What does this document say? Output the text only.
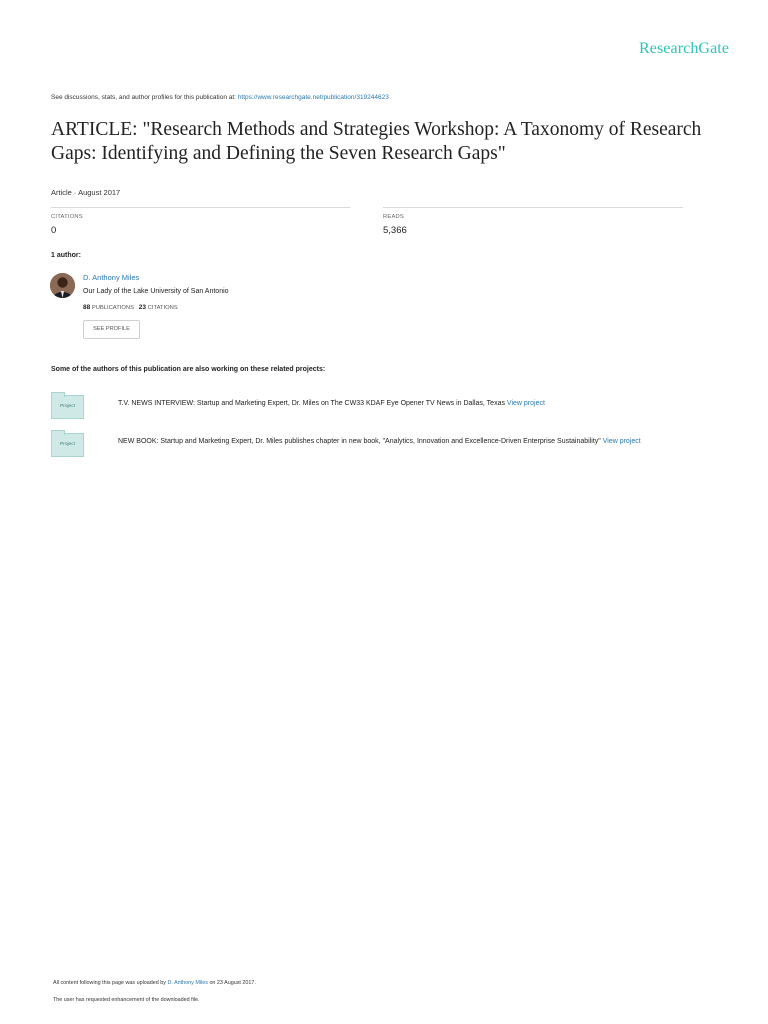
ResearchGate
See discussions, stats, and author profiles for this publication at: https://www.researchgate.net/publication/319244623
ARTICLE: "Research Methods and Strategies Workshop: A Taxonomy of Research Gaps: Identifying and Defining the Seven Research Gaps"
Article · August 2017
CITATIONS
0
READS
5,366
1 author:
D. Anthony Miles
Our Lady of the Lake University of San Antonio
88 PUBLICATIONS 23 CITATIONS
SEE PROFILE
Some of the authors of this publication are also working on these related projects:
Project	T.V. NEWS INTERVIEW: Startup and Marketing Expert, Dr. Miles on The CW33 KDAF Eye Opener TV News in Dallas, Texas View project
Project	NEW BOOK: Startup and Marketing Expert, Dr. Miles publishes chapter in new book, "Analytics, Innovation and Excellence-Driven Enterprise Sustainability" View project
All content following this page was uploaded by D. Anthony Miles on 23 August 2017.
The user has requested enhancement of the downloaded file.
